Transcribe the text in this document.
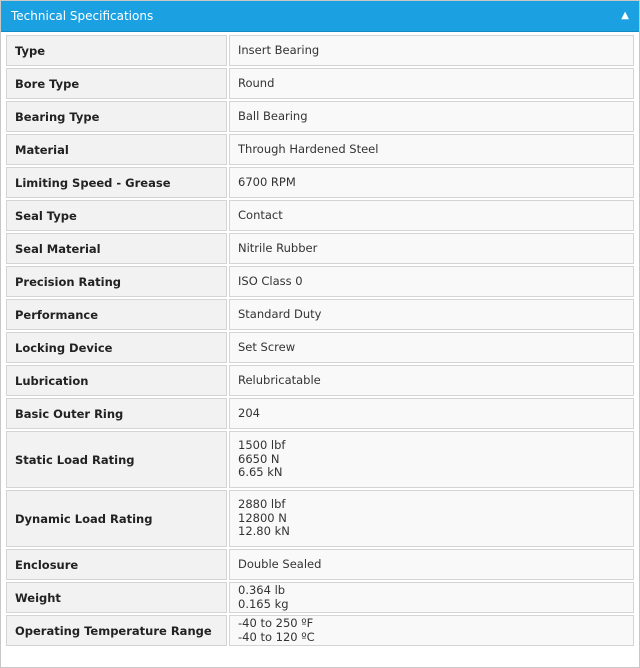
Technical Specifications	▲
Type	Insert Bearing

Bore Type	Round

Bearing Type	Ball Bearing

Material	Through Hardened Steel

Limiting Speed - Grease	6700 RPM

Seal Type	Contact

Seal Material	Nitrile Rubber

Precision Rating	ISO Class 0

Performance	Standard Duty

Locking Device	Set Screw

Lubrication	Relubricatable

Basic Outer Ring	204

Static Load Rating	1500 lbf
6650 N
6.65 kN

Dynamic Load Rating	2880 lbf
12800 N
12.80 kN

Enclosure	Double Sealed

Weight	0.364 lb
0.165 kg

Operating Temperature Range	-40 to 250 ºF
-40 to 120 ºC
